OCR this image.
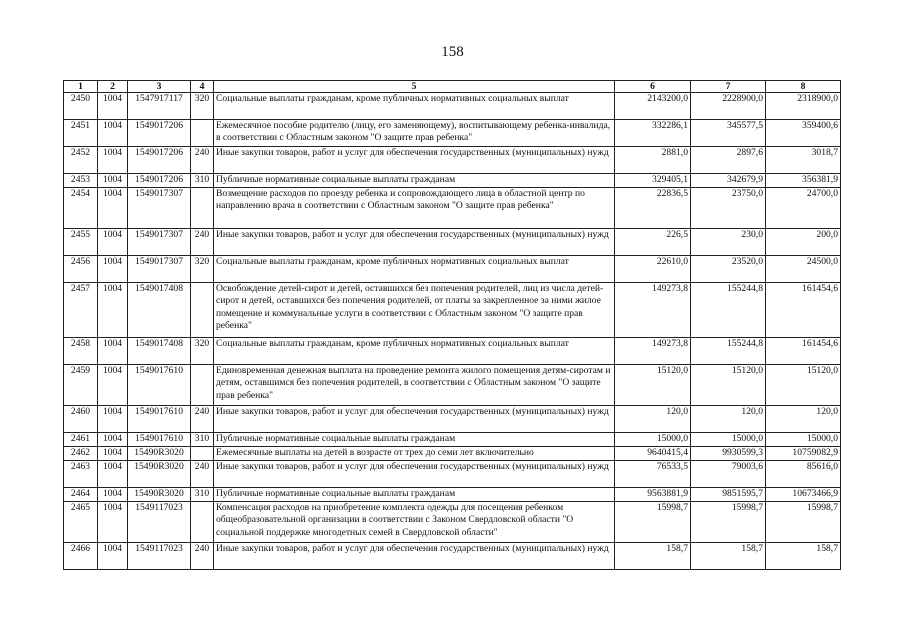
158
1	2	3	4	5	6	7	8
2450	1004	1547917117	320	Социальные выплаты гражданам, кроме публичных нормативных социальных выплат	2143200,0	2228900,0	2318900,0
2451	1004	1549017206		Ежемесячное пособие родителю (лицу, его заменяющему), воспитывающему ребенка-инвалида, в соответствии с Областным законом "О защите прав ребенка"	332286,1	345577,5	359400,6
2452	1004	1549017206	240	Иные закупки товаров, работ и услуг для обеспечения государственных (муниципальных) нужд	2881,0	2897,6	3018,7
2453	1004	1549017206	310	Публичные нормативные социальные выплаты гражданам	329405,1	342679,9	356381,9
2454	1004	1549017307		Возмещение расходов по проезду ребенка и сопровождающего лица в областной центр по направлению врача в соответствии с Областным законом "О защите прав ребенка"	22836,5	23750,0	24700,0
2455	1004	1549017307	240	Иные закупки товаров, работ и услуг для обеспечения государственных (муниципальных) нужд	226,5	230,0	200,0
2456	1004	1549017307	320	Социальные выплаты гражданам, кроме публичных нормативных социальных выплат	22610,0	23520,0	24500,0
2457	1004	1549017408		Освобождение детей-сирот и детей, оставшихся без попечения родителей, лиц из числа детей-сирот и детей, оставшихся без попечения родителей, от платы за закрепленное за ними жилое помещение и коммунальные услуги в соответствии с Областным законом "О защите прав ребенка"	149273,8	155244,8	161454,6
2458	1004	1549017408	320	Социальные выплаты гражданам, кроме публичных нормативных социальных выплат	149273,8	155244,8	161454,6
2459	1004	1549017610		Единовременная денежная выплата на проведение ремонта жилого помещения детям-сиротам и детям, оставшимся без попечения родителей, в соответствии с Областным законом "О защите прав ребенка"	15120,0	15120,0	15120,0
2460	1004	1549017610	240	Иные закупки товаров, работ и услуг для обеспечения государственных (муниципальных) нужд	120,0	120,0	120,0
2461	1004	1549017610	310	Публичные нормативные социальные выплаты гражданам	15000,0	15000,0	15000,0
2462	1004	15490R3020		Ежемесячные выплаты на детей в возрасте от трех до семи лет включительно	9640415,4	9930599,3	10759082,9
2463	1004	15490R3020	240	Иные закупки товаров, работ и услуг для обеспечения государственных (муниципальных) нужд	76533,5	79003,6	85616,0
2464	1004	15490R3020	310	Публичные нормативные социальные выплаты гражданам	9563881,9	9851595,7	10673466,9
2465	1004	1549117023		Компенсация расходов на приобретение комплекта одежды для посещения ребенком общеобразовательной организации в соответствии с Законом Свердловской области "О социальной поддержке многодетных семей в Свердловской области"	15998,7	15998,7	15998,7
2466	1004	1549117023	240	Иные закупки товаров, работ и услуг для обеспечения государственных (муниципальных) нужд	158,7	158,7	158,7
